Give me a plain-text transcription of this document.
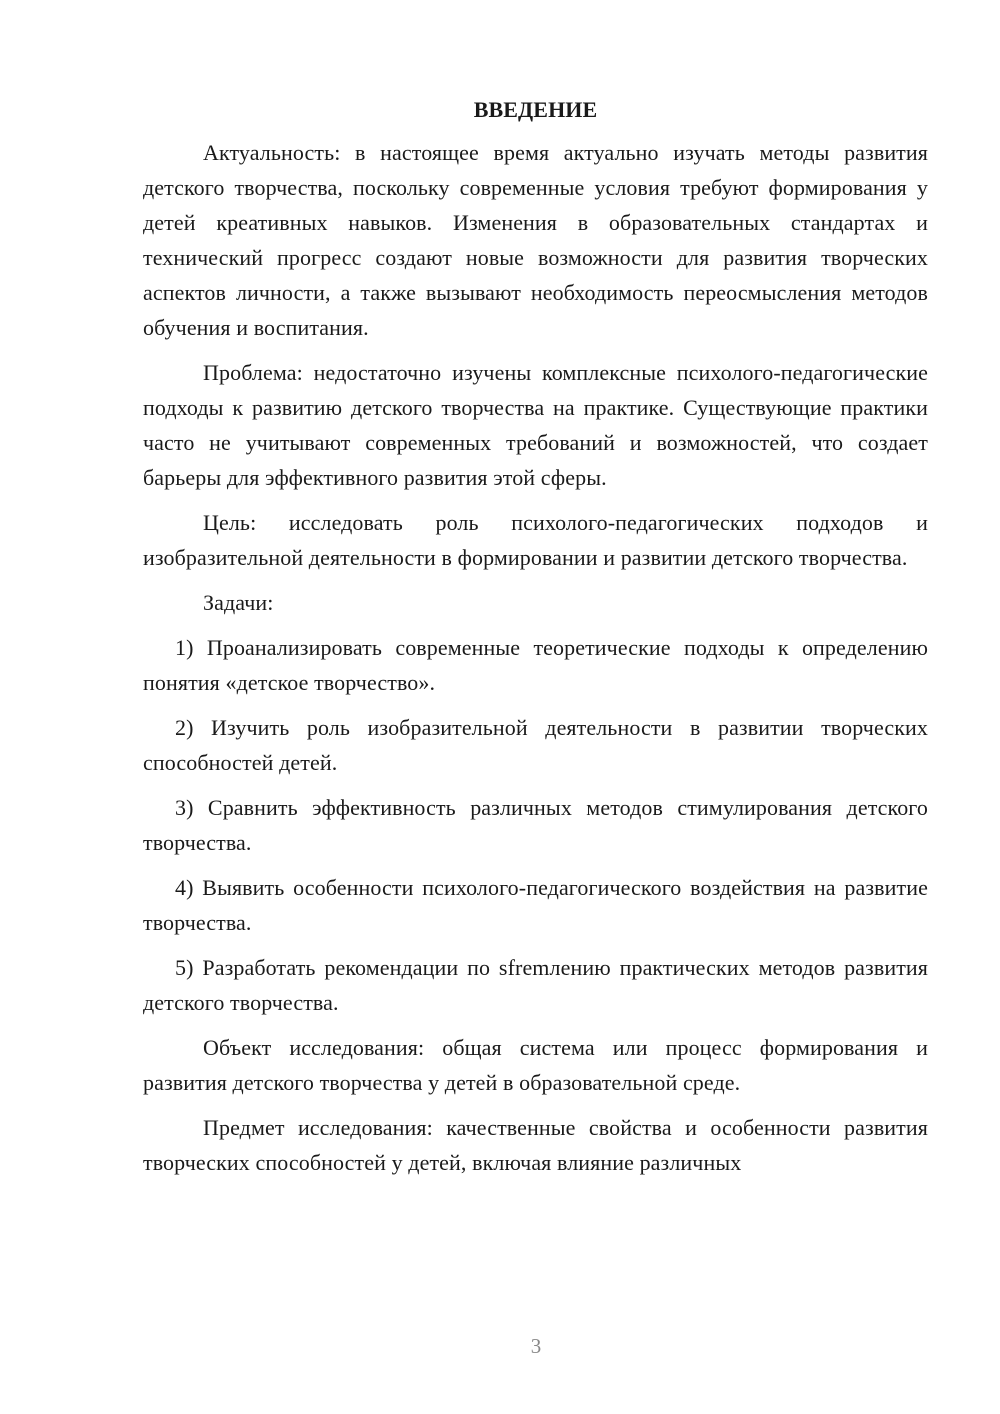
ВВЕДЕНИЕ

Актуальность: в настоящее время актуально изучать методы развития детского творчества, поскольку современные условия требуют формирования у детей креативных навыков. Изменения в образовательных стандартах и технический прогресс создают новые возможности для развития творческих аспектов личности, а также вызывают необходимость переосмысления методов обучения и воспитания.

Проблема: недостаточно изучены комплексные психолого-педагогические подходы к развитию детского творчества на практике. Существующие практики часто не учитывают современных требований и возможностей, что создает барьеры для эффективного развития этой сферы.

Цель: исследовать роль психолого-педагогических подходов и изобразительной деятельности в формировании и развитии детского творчества.

Задачи:

1) Проанализировать современные теоретические подходы к определению понятия «детское творчество».

2) Изучить роль изобразительной деятельности в развитии творческих способностей детей.

3) Сравнить эффективность различных методов стимулирования детского творчества.

4) Выявить особенности психолого-педагогического воздействия на развитие творчества.

5) Разработать рекомендации по sfremлению практических методов развития детского творчества.

Объект исследования: общая система или процесс формирования и развития детского творчества у детей в образовательной среде.

Предмет исследования: качественные свойства и особенности развития творческих способностей у детей, включая влияние различных

3
